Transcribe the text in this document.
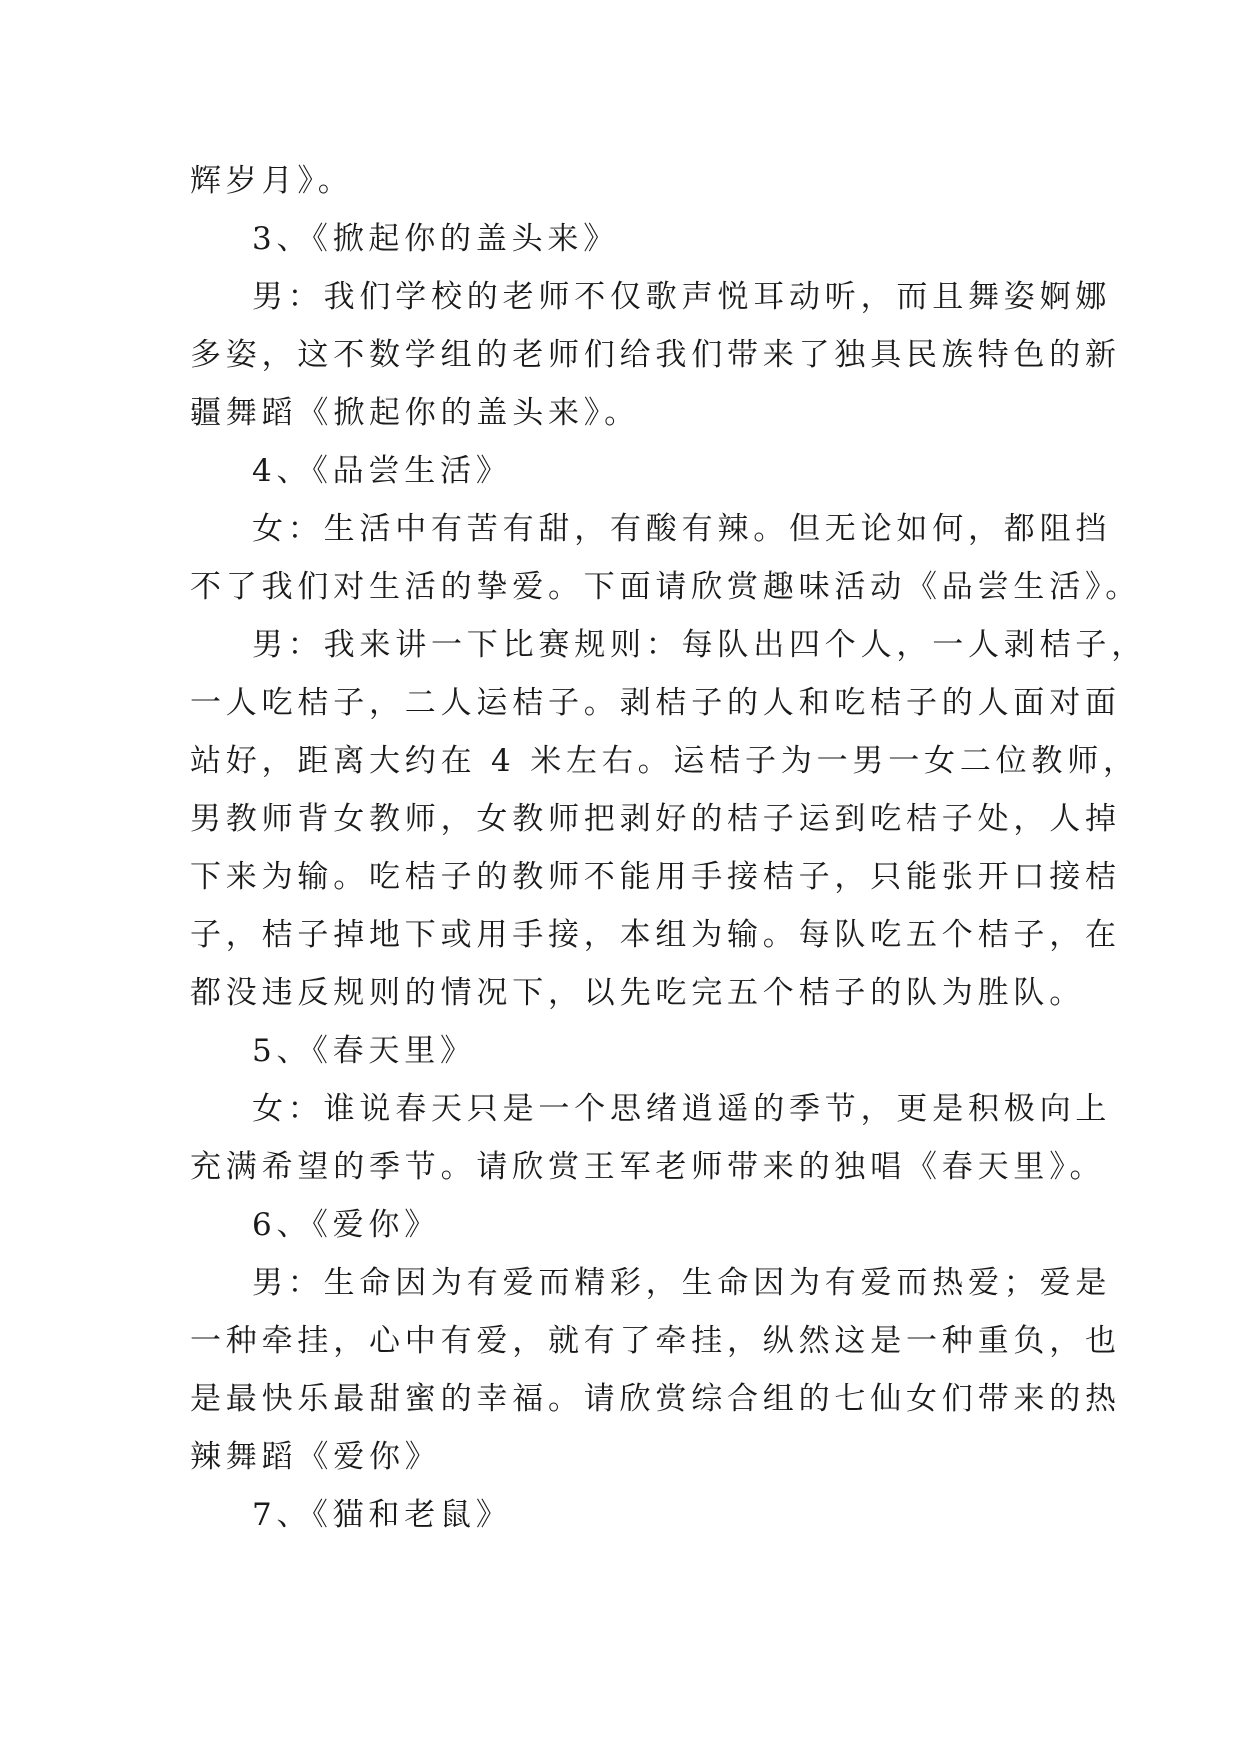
辉岁月》。
3、《掀起你的盖头来》
男：我们学校的老师不仅歌声悦耳动听，而且舞姿婀娜
多姿，这不数学组的老师们给我们带来了独具民族特色的新
疆舞蹈《掀起你的盖头来》。
4、《品尝生活》
女：生活中有苦有甜，有酸有辣。但无论如何，都阻挡
不了我们对生活的挚爱。下面请欣赏趣味活动《品尝生活》。
男：我来讲一下比赛规则：每队出四个人，一人剥桔子，
一人吃桔子，二人运桔子。剥桔子的人和吃桔子的人面对面
站好，距离大约在 4 米左右。运桔子为一男一女二位教师，
男教师背女教师，女教师把剥好的桔子运到吃桔子处，人掉
下来为输。吃桔子的教师不能用手接桔子，只能张开口接桔
子，桔子掉地下或用手接，本组为输。每队吃五个桔子，在
都没违反规则的情况下，以先吃完五个桔子的队为胜队。
5、《春天里》
女：谁说春天只是一个思绪逍遥的季节，更是积极向上
充满希望的季节。请欣赏王军老师带来的独唱《春天里》。
6、《爱你》
男：生命因为有爱而精彩，生命因为有爱而热爱；爱是
一种牵挂，心中有爱，就有了牵挂，纵然这是一种重负，也
是最快乐最甜蜜的幸福。请欣赏综合组的七仙女们带来的热
辣舞蹈《爱你》
7、《猫和老鼠》
